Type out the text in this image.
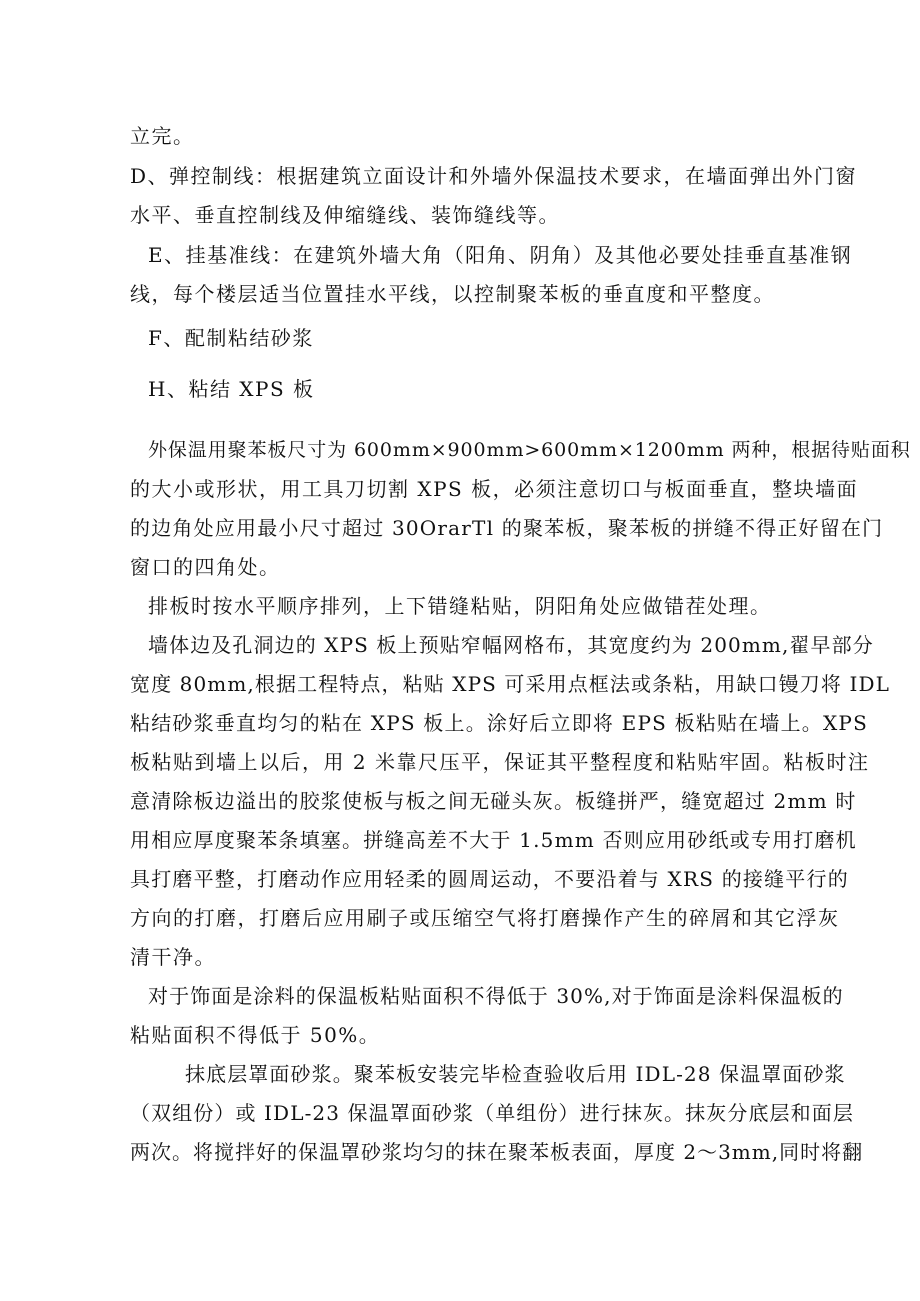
立完。
D、弹控制线：根据建筑立面设计和外墙外保温技术要求，在墙面弹出外门窗
水平、垂直控制线及伸缩缝线、装饰缝线等。
E、挂基准线：在建筑外墙大角（阳角、阴角）及其他必要处挂垂直基准钢
线，每个楼层适当位置挂水平线，以控制聚苯板的垂直度和平整度。
F、配制粘结砂浆
H、粘结 XPS 板
外保温用聚苯板尺寸为 600mm×900mm>600mm×1200mm 两种，根据待贴面积
的大小或形状，用工具刀切割 XPS 板，必须注意切口与板面垂直，整块墙面
的边角处应用最小尺寸超过 30OrarTl 的聚苯板，聚苯板的拼缝不得正好留在门
窗口的四角处。
排板时按水平顺序排列，上下错缝粘贴，阴阳角处应做错茬处理。
墙体边及孔洞边的 XPS 板上预贴窄幅网格布，其宽度约为 200mm,翟早部分
宽度 80mm,根据工程特点，粘贴 XPS 可采用点框法或条粘，用缺口镘刀将 IDL
粘结砂浆垂直均匀的粘在 XPS 板上。涂好后立即将 EPS 板粘贴在墙上。XPS
板粘贴到墙上以后，用 2 米靠尺压平，保证其平整程度和粘贴牢固。粘板时注
意清除板边溢出的胶浆使板与板之间无碰头灰。板缝拼严，缝宽超过 2mm 时
用相应厚度聚苯条填塞。拼缝高差不大于 1.5mm 否则应用砂纸或专用打磨机
具打磨平整，打磨动作应用轻柔的圆周运动，不要沿着与 XRS 的接缝平行的
方向的打磨，打磨后应用刷子或压缩空气将打磨操作产生的碎屑和其它浮灰
清干净。
对于饰面是涂料的保温板粘贴面积不得低于 30%,对于饰面是涂料保温板的
粘贴面积不得低于 50%。
抹底层罩面砂浆。聚苯板安装完毕检查验收后用 IDL-28 保温罩面砂浆
（双组份）或 IDL-23 保温罩面砂浆（单组份）进行抹灰。抹灰分底层和面层
两次。将搅拌好的保温罩砂浆均匀的抹在聚苯板表面，厚度 2～3mm,同时将翻
